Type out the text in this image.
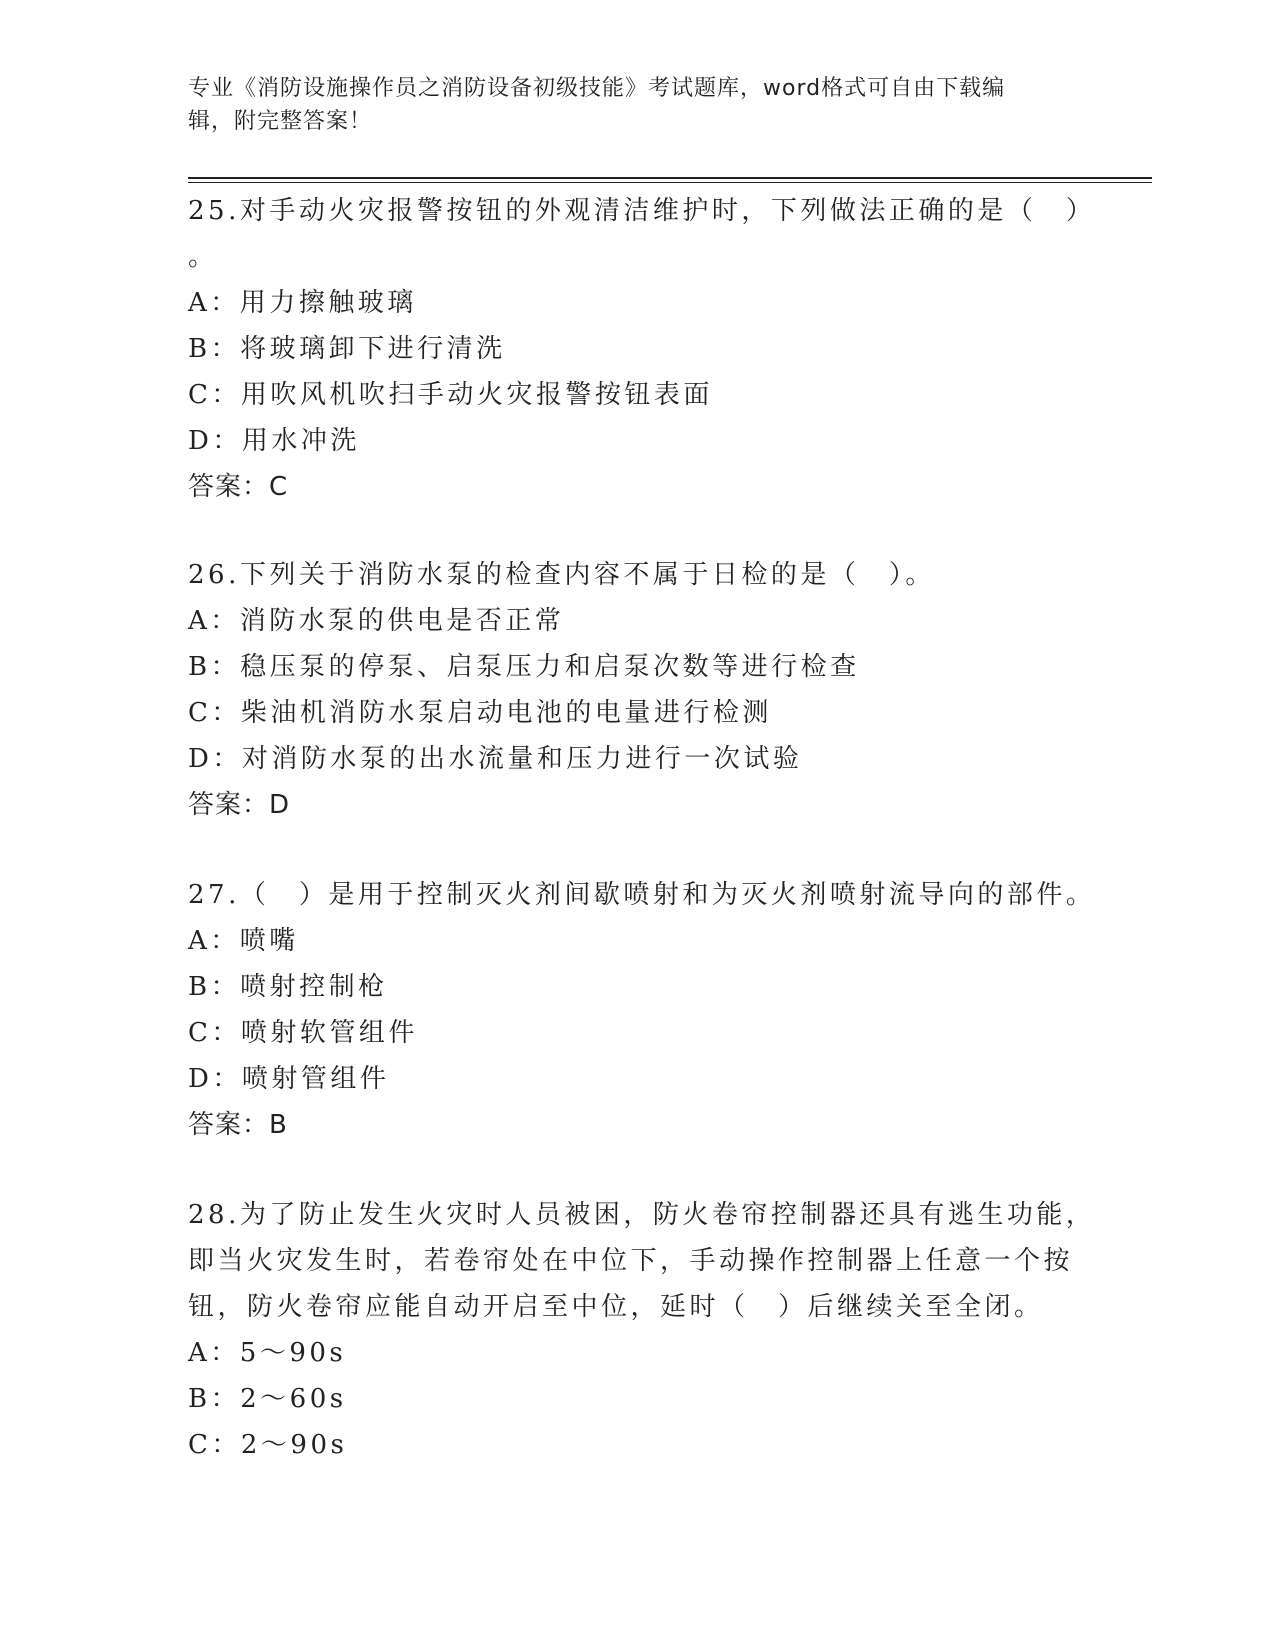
专业《消防设施操作员之消防设备初级技能》考试题库，word格式可自由下载编
辑，附完整答案！
25.对手动火灾报警按钮的外观清洁维护时，下列做法正确的是（　）
。
A：用力擦触玻璃
B：将玻璃卸下进行清洗
C：用吹风机吹扫手动火灾报警按钮表面
D：用水冲洗
答案：C
26.下列关于消防水泵的检查内容不属于日检的是（　）。
A：消防水泵的供电是否正常
B：稳压泵的停泵、启泵压力和启泵次数等进行检查
C：柴油机消防水泵启动电池的电量进行检测
D：对消防水泵的出水流量和压力进行一次试验
答案：D
27.（　）是用于控制灭火剂间歇喷射和为灭火剂喷射流导向的部件。
A：喷嘴
B：喷射控制枪
C：喷射软管组件
D：喷射管组件
答案：B
28.为了防止发生火灾时人员被困，防火卷帘控制器还具有逃生功能，
即当火灾发生时，若卷帘处在中位下，手动操作控制器上任意一个按
钮，防火卷帘应能自动开启至中位，延时（　）后继续关至全闭。
A：5～90s
B：2～60s
C：2～90s
